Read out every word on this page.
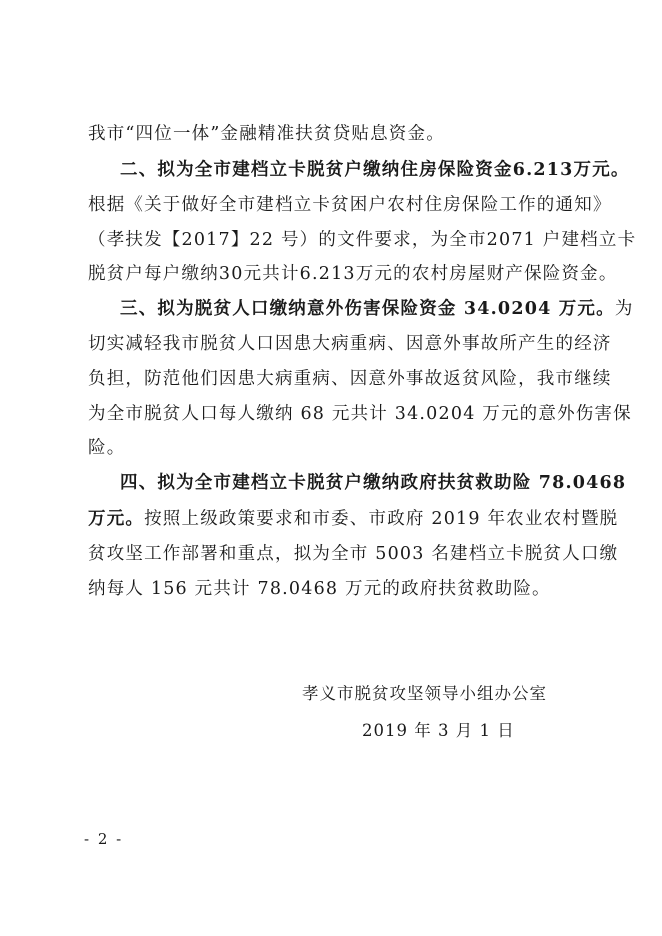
我市“四位一体”金融精准扶贫贷贴息资金。
二、拟为全市建档立卡脱贫户缴纳住房保险资金6.213万元。
根据《关于做好全市建档立卡贫困户农村住房保险工作的通知》
（孝扶发【2017】22 号）的文件要求，为全市2071 户建档立卡
脱贫户每户缴纳30元共计6.213万元的农村房屋财产保险资金。
三、拟为脱贫人口缴纳意外伤害保险资金 34.0204 万元。为
切实减轻我市脱贫人口因患大病重病、因意外事故所产生的经济
负担，防范他们因患大病重病、因意外事故返贫风险，我市继续
为全市脱贫人口每人缴纳 68 元共计 34.0204 万元的意外伤害保
险。
四、拟为全市建档立卡脱贫户缴纳政府扶贫救助险 78.0468
万元。按照上级政策要求和市委、市政府 2019 年农业农村暨脱
贫攻坚工作部署和重点，拟为全市 5003 名建档立卡脱贫人口缴
纳每人 156 元共计 78.0468 万元的政府扶贫救助险。
孝义市脱贫攻坚领导小组办公室
2019 年 3 月 1 日
- 2 -
